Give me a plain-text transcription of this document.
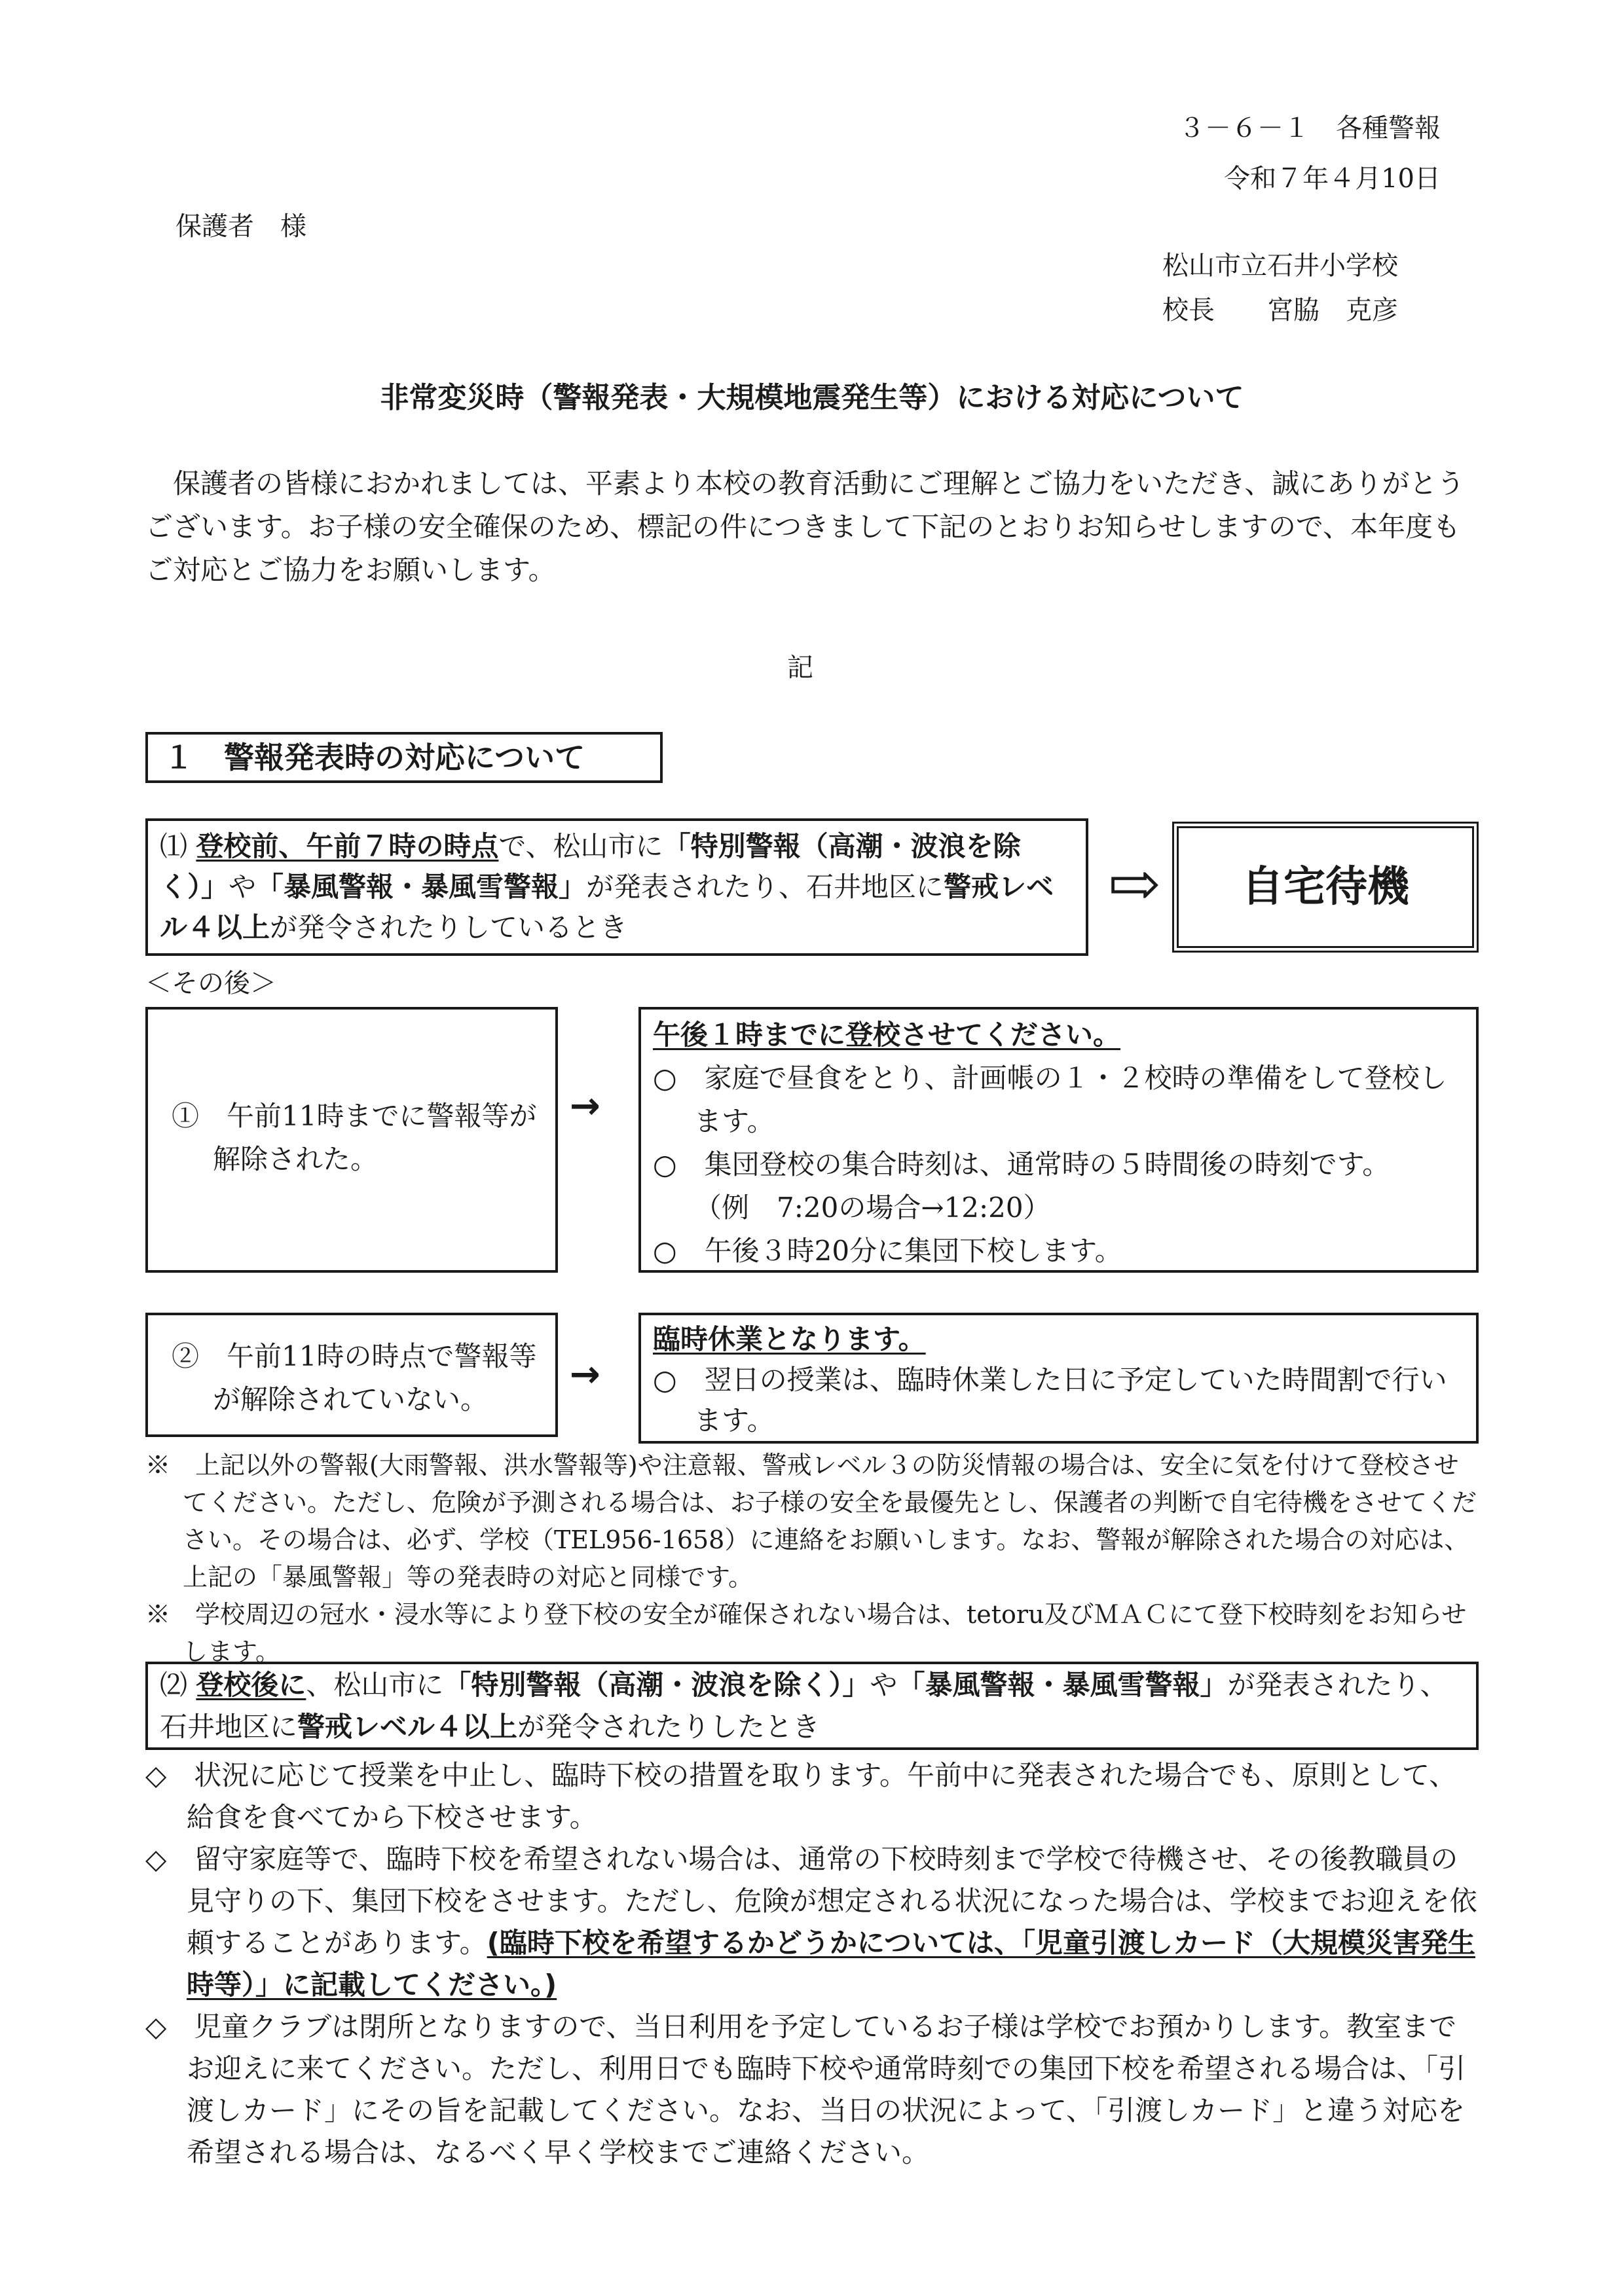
３－６－１　各種警報
令和７年４月10日
保護者　様
松山市立石井小学校
校長　　宮脇　克彦
非常変災時（警報発表・大規模地震発生等）における対応について
保護者の皆様におかれましては、平素より本校の教育活動にご理解とご協力をいただき、誠にありがとうございます。お子様の安全確保のため、標記の件につきまして下記のとおりお知らせしますので、本年度もご対応とご協力をお願いします。
記
１　警報発表時の対応について
⑴ 登校前、午前７時の時点で、松山市に「特別警報（高潮・波浪を除く）」や「暴風警報・暴風雪警報」が発表されたり、石井地区に警戒レベル４以上が発令されたりしているとき
⇨	自宅待機
＜その後＞
①　午前11時までに警報等が解除された。
→
午後１時までに登校させてください。
○　家庭で昼食をとり、計画帳の１・２校時の準備をして登校します。
○　集団登校の集合時刻は、通常時の５時間後の時刻です。
（例　7:20の場合→12:20）
○　午後３時20分に集団下校します。
②　午前11時の時点で警報等が解除されていない。
→
臨時休業となります。
○　翌日の授業は、臨時休業した日に予定していた時間割で行います。

※　上記以外の警報(大雨警報、洪水警報等)や注意報、警戒レベル３の防災情報の場合は、安全に気を付けて登校させてください。ただし、危険が予測される場合は、お子様の安全を最優先とし、保護者の判断で自宅待機をさせてください。その場合は、必ず、学校（TEL956-1658）に連絡をお願いします。なお、警報が解除された場合の対応は、上記の「暴風警報」等の発表時の対応と同様です。

※　学校周辺の冠水・浸水等により登下校の安全が確保されない場合は、tetoru及びＭＡＣにて登下校時刻をお知らせします。

⑵ 登校後に、松山市に「特別警報（高潮・波浪を除く）」や「暴風警報・暴風雪警報」が発表されたり、石井地区に警戒レベル４以上が発令されたりしたとき

◇　状況に応じて授業を中止し、臨時下校の措置を取ります。午前中に発表された場合でも、原則として、給食を食べてから下校させます。

◇　留守家庭等で、臨時下校を希望されない場合は、通常の下校時刻まで学校で待機させ、その後教職員の見守りの下、集団下校をさせます。ただし、危険が想定される状況になった場合は、学校までお迎えを依頼することがあります。(臨時下校を希望するかどうかについては、「児童引渡しカード（大規模災害発生時等）」に記載してください。)

◇　児童クラブは閉所となりますので、当日利用を予定しているお子様は学校でお預かりします。教室までお迎えに来てください。ただし、利用日でも臨時下校や通常時刻での集団下校を希望される場合は、「引渡しカード」にその旨を記載してください。なお、当日の状況によって、「引渡しカード」と違う対応を希望される場合は、なるべく早く学校までご連絡ください。
